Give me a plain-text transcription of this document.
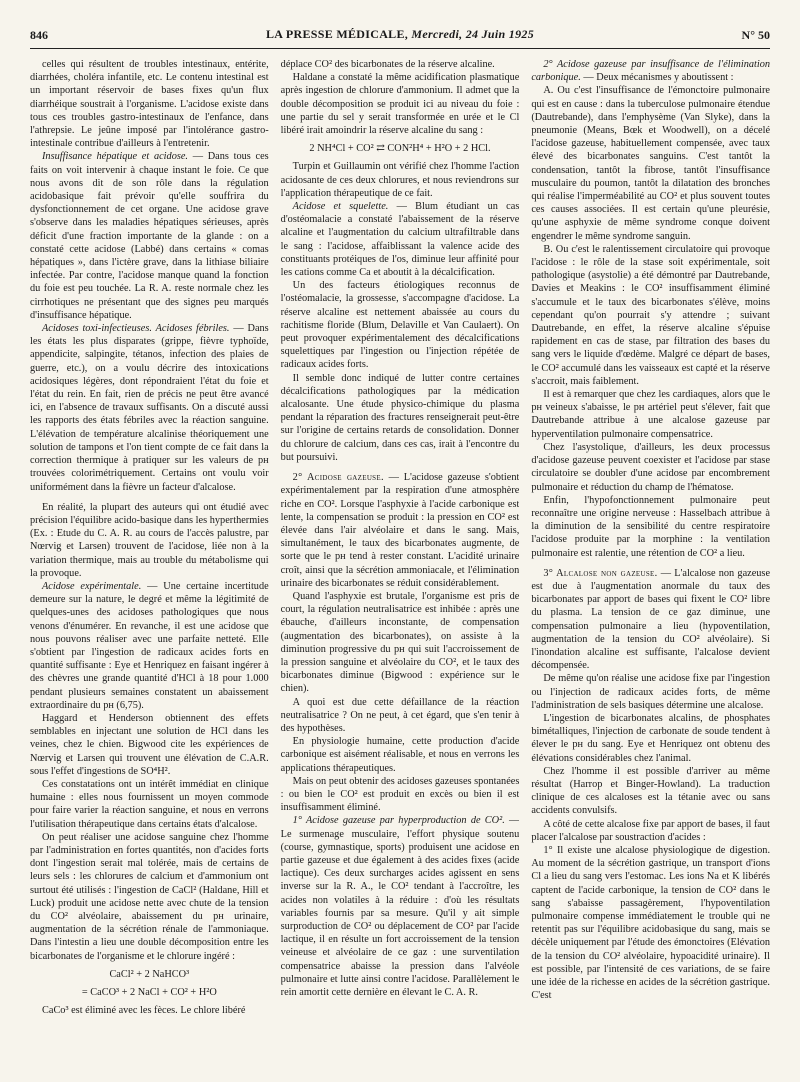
846	LA PRESSE MÉDICALE, Mercredi, 24 Juin 1925	N° 50

celles qui résultent de troubles intestinaux, entérite, diarrhées, choléra infantile, etc. Le contenu intestinal est un important réservoir de bases fixes qu'un flux diarrhéique soustrait à l'organisme. L'acidose existe dans tous ces troubles gastro-intestinaux de l'enfance, dans l'athrepsie. Le jeûne imposé par l'intolérance gastro-intestinale contribue d'ailleurs à l'entretenir.

Insuffisance hépatique et acidose. — Dans tous ces faits on voit intervenir à chaque instant le foie. Ce que nous avons dit de son rôle dans la régulation acidobasique fait prévoir qu'elle souffrira du dysfonctionnement de cet organe. Une acidose grave s'observe dans les maladies hépatiques sérieuses, après déficit d'une fraction importante de la glande : on a constaté cette acidose (Labbé) dans certains « comas hépatiques », dans l'ictère grave, dans la lithiase biliaire infectée. Par contre, l'acidose manque quand la fonction du foie est peu touchée. La R. A. reste normale chez les cirrhotiques ne présentant que des signes peu marqués d'insuffisance hépatique.

Acidoses toxi-infectieuses. Acidoses fébriles. — Dans les états les plus disparates (grippe, fièvre typhoïde, appendicite, salpingite, tétanos, infection des plaies de guerre, etc.), on a voulu décrire des intoxications acidosiques légères, dont répondraient l'état du foie et l'état du rein. En fait, rien de précis ne peut être avancé ici, en l'absence de travaux suffisants. On a discuté aussi les rapports des états fébriles avec la réaction sanguine. L'élévation de température alcalinise théoriquement une solution de tampons et l'on tient compte de ce fait dans la correction thermique à pratiquer sur les valeurs de pн trouvées colorimétriquement. Certains ont voulu voir uniformément dans la fièvre un facteur d'alcalose.

En réalité, la plupart des auteurs qui ont étudié avec précision l'équilibre acido-basique dans les hyperthermies (Ex. : Etude du C. A. R. au cours de l'accès palustre, par Nœrvig et Larsen) trouvent de l'acidose, liée non à la variation thermique, mais au trouble du métabolisme qui la provoque.

Acidose expérimentale. — Une certaine incertitude demeure sur la nature, le degré et même la légitimité de quelques-unes des acidoses pathologiques que nous venons d'énumérer. En revanche, il est une acidose que nous pouvons réaliser avec une parfaite netteté. Elle s'obtient par l'ingestion de radicaux acides forts en quantité suffisante : Eye et Henriquez en faisant ingérer à des chèvres une grande quantité d'HCl à 18 pour 1.000 pendant plusieurs semaines constatent un abaissement extraordinaire du pн (6,75).

Haggard et Henderson obtiennent des effets semblables en injectant une solution de HCl dans les veines, chez le chien. Bigwood cite les expériences de Nœrvig et Larsen qui trouvent une élévation de C.A.R. sous l'effet d'ingestions de SO⁴H².

Ces constatations ont un intérêt immédiat en clinique humaine : elles nous fournissent un moyen commode pour faire varier la réaction sanguine, et nous en verrons l'utilisation thérapeutique dans certains états d'alcalose.

On peut réaliser une acidose sanguine chez l'homme par l'administration en fortes quantités, non d'acides forts dont l'ingestion serait mal tolérée, mais de certains de leurs sels : les chlorures de calcium et d'ammonium ont surtout été utilisés : l'ingestion de CaCl² (Haldane, Hill et Luck) produit une acidose nette avec chute de la tension du CO² alvéolaire, abaissement du pн urinaire, augmentation de la sécrétion rénale de l'ammoniaque. Dans l'intestin a lieu une double décomposition entre les bicarbonates de l'organisme et le chlorure ingéré :

CaCl² + 2 NaHCO³
= CaCO³ + 2 NaCl + CO² + H²O

CaCo³ est éliminé avec les fèces. Le chlore libéré

déplace CO² des bicarbonates de la réserve alcaline.

Haldane a constaté la même acidification plasmatique après ingestion de chlorure d'ammonium. Il admet que la double décomposition se produit ici au niveau du foie : une partie du sel y serait transformée en urée et le Cl libéré irait amoindrir la réserve alcaline du sang :

2 NH⁴Cl + CO² ⇄ CON²H⁴ + H²O + 2 HCl.

Turpin et Guillaumin ont vérifié chez l'homme l'action acidosante de ces deux chlorures, et nous reviendrons sur l'application thérapeutique de ce fait.

Acidose et squelette. — Blum étudiant un cas d'ostéomalacie a constaté l'abaissement de la réserve alcaline et l'augmentation du calcium ultrafiltrable dans le sang : l'acidose, affaiblissant la valence acide des constituants protéiques de l'os, diminue leur affinité pour les cations comme Ca et aboutit à la décalcification.

Un des facteurs étiologiques reconnus de l'ostéomalacie, la grossesse, s'accompagne d'acidose. La réserve alcaline est nettement abaissée au cours du rachitisme floride (Blum, Delaville et Van Caulaert). On peut provoquer expérimentalement des décalcifications squelettiques par l'ingestion ou l'injection répétée de radicaux acides forts.

Il semble donc indiqué de lutter contre certaines décalcifications pathologiques par la médication alcalosante. Une étude physico-chimique du plasma pendant la réparation des fractures renseignerait peut-être sur l'origine de certains retards de consolidation. Donner du chlorure de calcium, dans ces cas, irait à l'encontre du but poursuivi.

2° Acidose gazeuse. — L'acidose gazeuse s'obtient expérimentalement par la respiration d'une atmosphère riche en CO². Lorsque l'asphyxie à l'acide carbonique est lente, la compensation se produit : la pression en CO² est élevée dans l'air alvéolaire et dans le sang. Mais, simultanément, le taux des bicarbonates augmente, de sorte que le pн tend à rester constant. L'acidité urinaire croît, ainsi que la sécrétion ammoniacale, et l'élimination urinaire des bicarbonates se réduit considérablement.

Quand l'asphyxie est brutale, l'organisme est pris de court, la régulation neutralisatrice est inhibée : après une ébauche, d'ailleurs inconstante, de compensation (augmentation des bicarbonates), on assiste à la diminution progressive du pн qui suit l'accroissement de la pression sanguine et alvéolaire du CO², et le taux des bicarbonates diminue (Bigwood : expérience sur le chien).

A quoi est due cette défaillance de la réaction neutralisatrice ? On ne peut, à cet égard, que s'en tenir à des hypothèses.

En physiologie humaine, cette production d'acide carbonique est aisément réalisable, et nous en verrons les applications thérapeutiques.

Mais on peut obtenir des acidoses gazeuses spontanées : ou bien le CO² est produit en excès ou bien il est insuffisamment éliminé.

1° Acidose gazeuse par hyperproduction de CO². — Le surmenage musculaire, l'effort physique soutenu (course, gymnastique, sports) produisent une acidose en partie gazeuse et due également à des acides fixes (acide lactique). Ces deux surcharges acides agissent en sens inverse sur la R. A., le CO² tendant à l'accroître, les acides non volatiles à la réduire : d'où les résultats variables fournis par sa mesure. Qu'il y ait simple surproduction de CO² ou déplacement de CO² par l'acide lactique, il en résulte un fort accroissement de la tension veineuse et alvéolaire de ce gaz : une surventilation compensatrice abaisse la pression dans l'alvéole pulmonaire et lutte ainsi contre l'acidose. Parallèlement le rein amortit cette dernière en élevant le C. A. R.

2° Acidose gazeuse par insuffisance de l'élimination carbonique. — Deux mécanismes y aboutissent :

A. Ou c'est l'insuffisance de l'émonctoire pulmonaire qui est en cause : dans la tuberculose pulmonaire étendue (Dautrebande), dans l'emphysème (Van Slyke), dans la pneumonie (Means, Bœk et Woodwell), on a décelé l'acidose gazeuse, habituellement compensée, avec taux élevé des bicarbonates sanguins. C'est tantôt la condensation, tantôt la fibrose, tantôt l'insuffisance musculaire du poumon, tantôt la dilatation des bronches qui réalise l'imperméabilité au CO² et plus souvent toutes ces causes associées. Il est certain qu'une pleurésie, qu'une asphyxie de même syndrome conque doivent engendrer le même syndrome sanguin.

B. Ou c'est le ralentissement circulatoire qui provoque l'acidose : le rôle de la stase soit expérimentale, soit pathologique (asystolie) a été démontré par Dautrebande, Davies et Meakins : le CO² insuffisamment éliminé s'accumule et le taux des bicarbonates s'élève, moins cependant qu'on pourrait s'y attendre ; suivant Dautrebande, en effet, la réserve alcaline s'épuise rapidement en cas de stase, par filtration des bases du sang vers le liquide d'œdème. Malgré ce départ de bases, le CO² accumulé dans les vaisseaux est capté et la réserve s'accroit, mais faiblement.

Il est à remarquer que chez les cardiaques, alors que le pн veineux s'abaisse, le pн artériel peut s'élever, fait que Dautrebande attribue à une alcalose gazeuse par hyperventilation pulmonaire compensatrice.

Chez l'asystolique, d'ailleurs, les deux processus d'acidose gazeuse peuvent coexister et l'acidose par stase circulatoire se doubler d'une acidose par encombrement pulmonaire et réduction du champ de l'hématose.

Enfin, l'hypofonctionnement pulmonaire peut reconnaître une origine nerveuse : Hasselbach attribue à la diminution de la sensibilité du centre respiratoire l'acidose produite par la morphine : la ventilation pulmonaire est ralentie, une rétention de CO² a lieu.

3° Alcalose non gazeuse. — L'alcalose non gazeuse est due à l'augmentation anormale du taux des bicarbonates par apport de bases qui fixent le CO² libre du plasma. La tension de ce gaz diminue, une compensation pulmonaire a lieu (hypoventilation, augmentation de la tension du CO² alvéolaire). Si l'inondation alcaline est suffisante, l'alcalose devient décompensée.

De même qu'on réalise une acidose fixe par l'ingestion ou l'injection de radicaux acides forts, de même l'administration de sels basiques détermine une alcalose.

L'ingestion de bicarbonates alcalins, de phosphates bimétalliques, l'injection de carbonate de soude tendent à élever le pн du sang. Eye et Henriquez ont obtenu des élévations considérables chez l'animal.

Chez l'homme il est possible d'arriver au même résultat (Harrop et Binger-Howland). La traduction clinique de ces alcaloses est la tétanie avec ou sans accidents convulsifs.

A côté de cette alcalose fixe par apport de bases, il faut placer l'alcalose par soustraction d'acides :

1° Il existe une alcalose physiologique de digestion. Au moment de la sécrétion gastrique, un transport d'ions Cl a lieu du sang vers l'estomac. Les ions Na et K libérés captent de l'acide carbonique, la tension de CO² dans le sang s'abaisse passagèrement, l'hypoventilation pulmonaire compense immédiatement le trouble qui ne retentit pas sur l'équilibre acidobasique du sang, mais se décèle uniquement par l'étude des émonctoires (Elévation de la tension du CO² alvéolaire, hypoacidité urinaire). Il est possible, par l'intensité de ces variations, de se faire une idée de la richesse en acides de la sécrétion gastrique. C'est
